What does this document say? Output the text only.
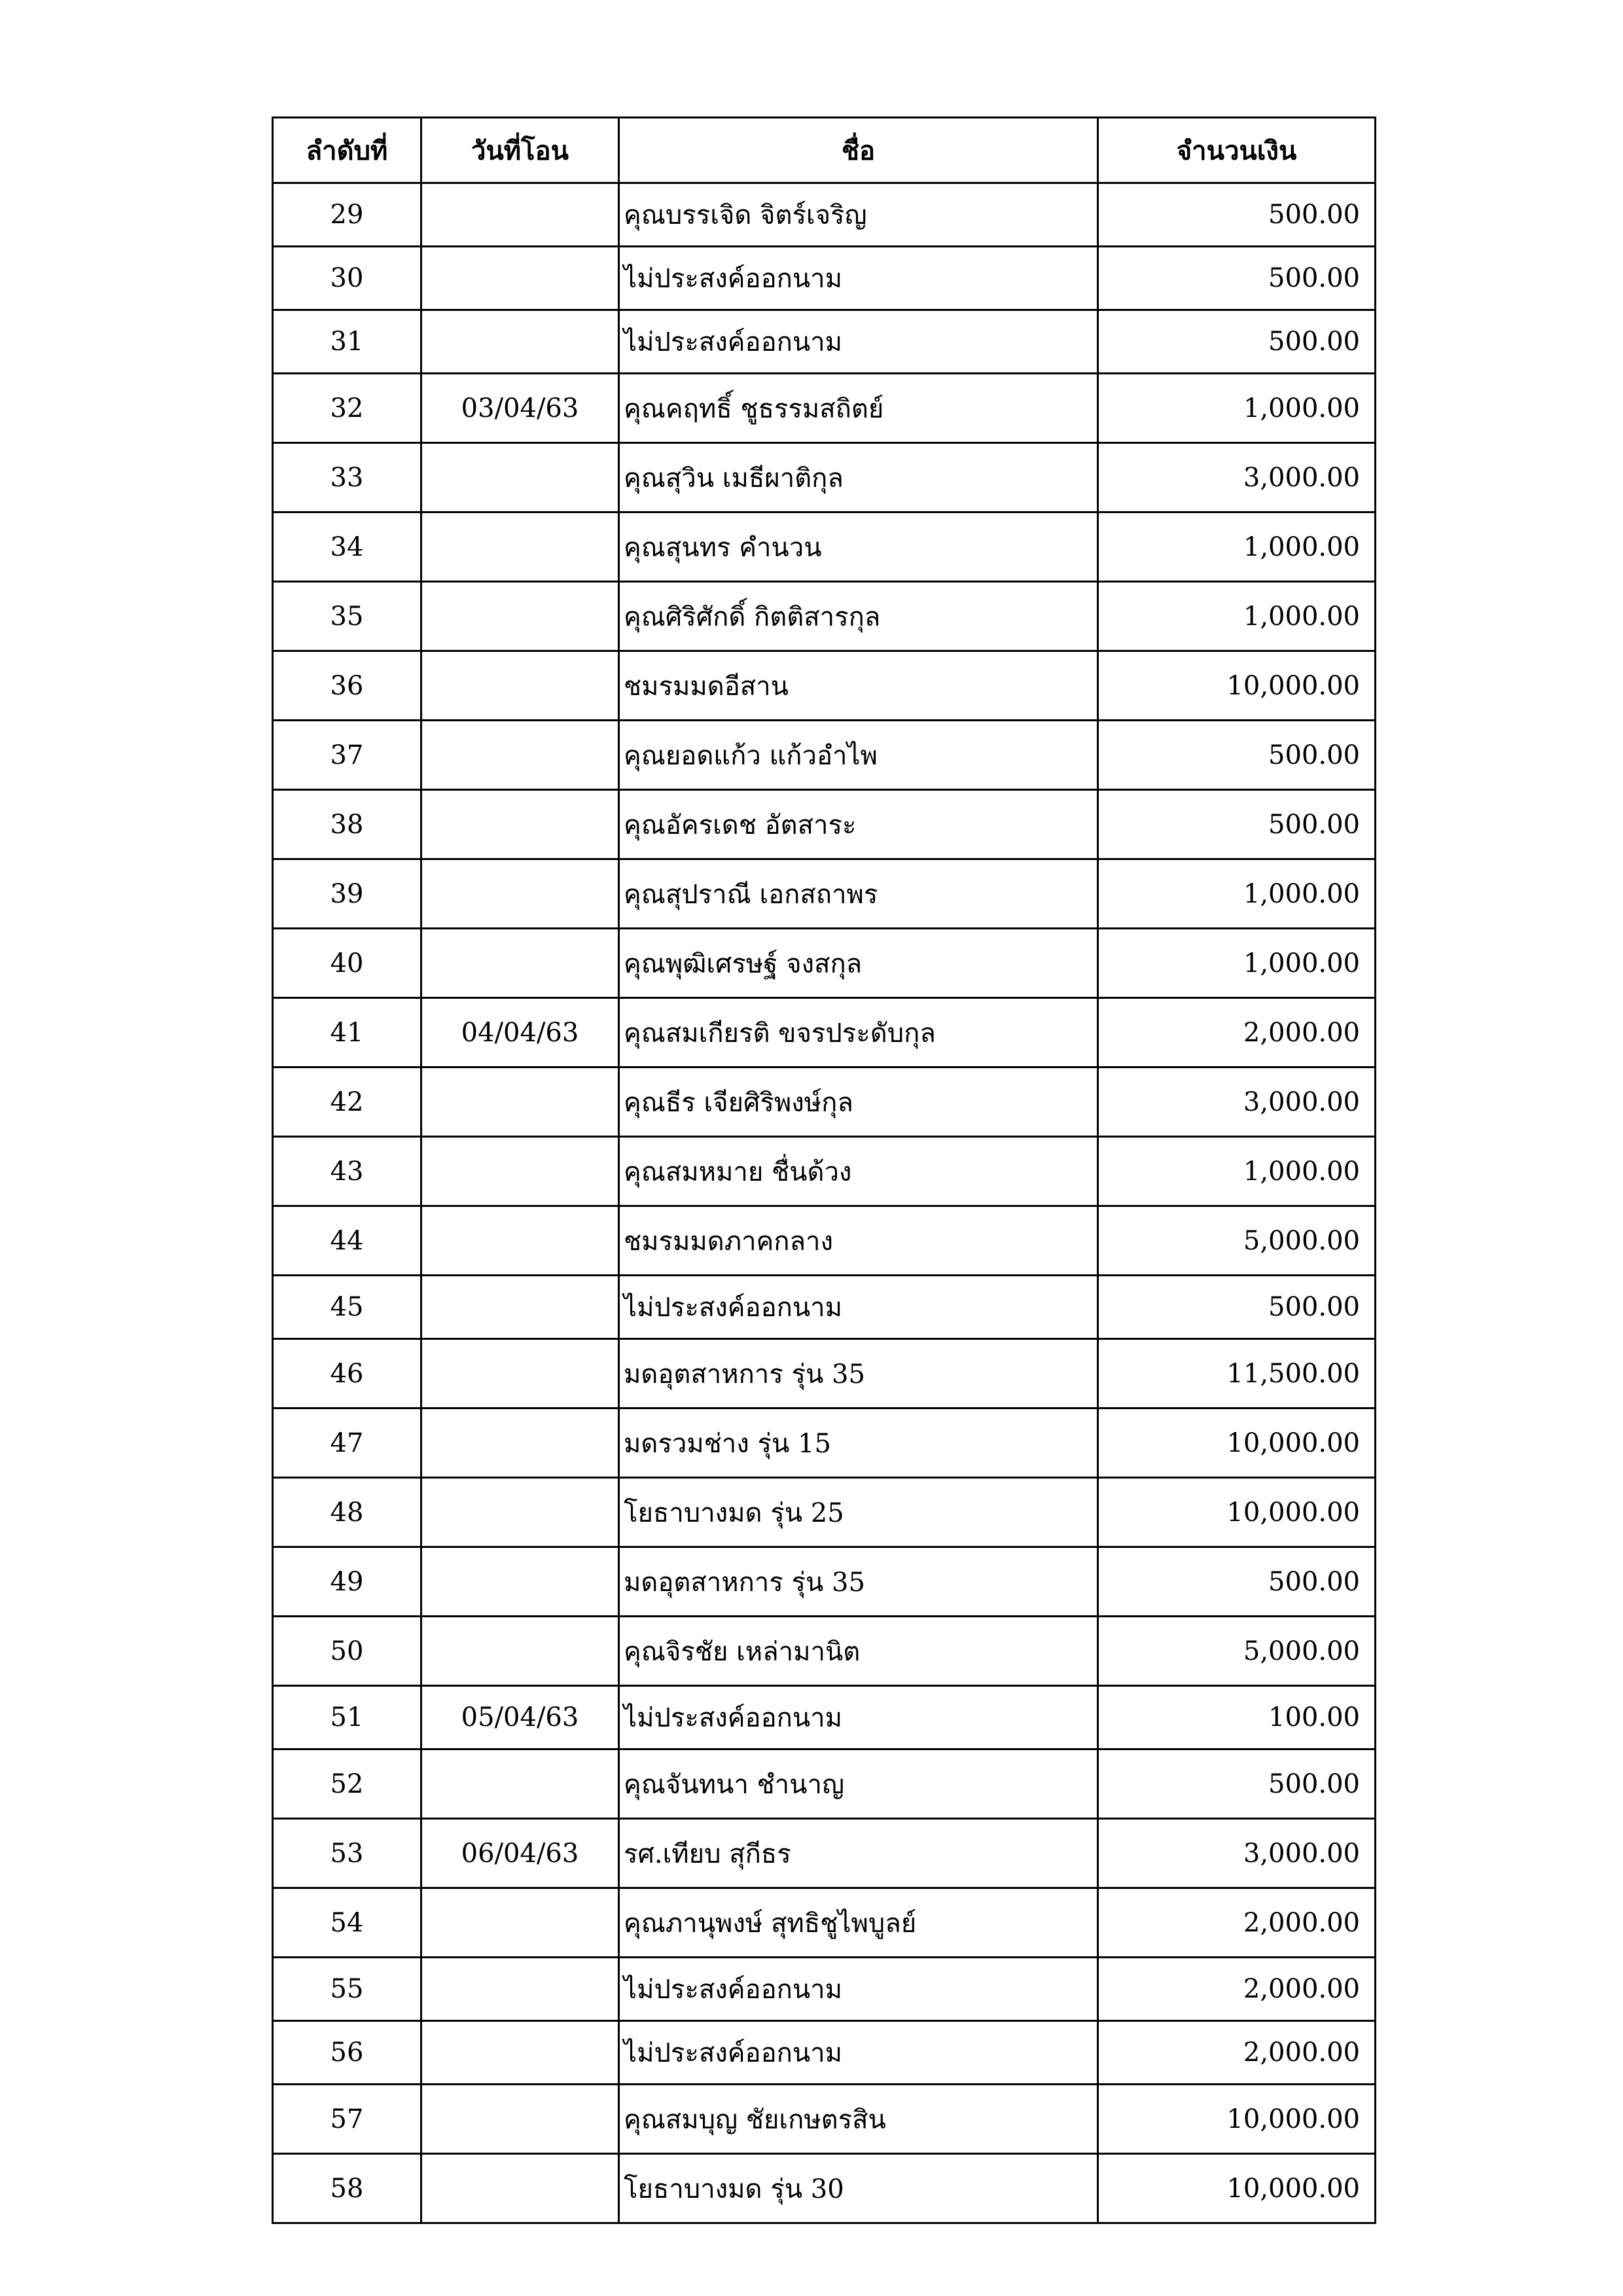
ลำดับที่	วันที่โอน	ชื่อ	จำนวนเงิน
29		คุณบรรเจิด จิตร์เจริญ	500.00
30		ไม่ประสงค์ออกนาม	500.00
31		ไม่ประสงค์ออกนาม	500.00
32	03/04/63	คุณคฤทธิ์ ชูธรรมสถิตย์	1,000.00
33		คุณสุวิน เมธีผาติกุล	3,000.00
34		คุณสุนทร คำนวน	1,000.00
35		คุณศิริศักดิ์ กิตติสารกุล	1,000.00
36		ชมรมมดอีสาน	10,000.00
37		คุณยอดแก้ว แก้วอำไพ	500.00
38		คุณอัครเดช อัตสาระ	500.00
39		คุณสุปราณี เอกสถาพร	1,000.00
40		คุณพุฒิเศรษฐ์ จงสกุล	1,000.00
41	04/04/63	คุณสมเกียรติ ขจรประดับกุล	2,000.00
42		คุณธีร เจียศิริพงษ์กุล	3,000.00
43		คุณสมหมาย ชื่นด้วง	1,000.00
44		ชมรมมดภาคกลาง	5,000.00
45		ไม่ประสงค์ออกนาม	500.00
46		มดอุตสาหการ รุ่น 35	11,500.00
47		มดรวมช่าง รุ่น 15	10,000.00
48		โยธาบางมด รุ่น 25	10,000.00
49		มดอุตสาหการ รุ่น 35	500.00
50		คุณจิรชัย เหล่ามานิต	5,000.00
51	05/04/63	ไม่ประสงค์ออกนาม	100.00
52		คุณจันทนา ชำนาญ	500.00
53	06/04/63	รศ.เทียบ สุกีธร	3,000.00
54		คุณภานุพงษ์ สุทธิชูไพบูลย์	2,000.00
55		ไม่ประสงค์ออกนาม	2,000.00
56		ไม่ประสงค์ออกนาม	2,000.00
57		คุณสมบุญ ชัยเกษตรสิน	10,000.00
58		โยธาบางมด รุ่น 30	10,000.00
